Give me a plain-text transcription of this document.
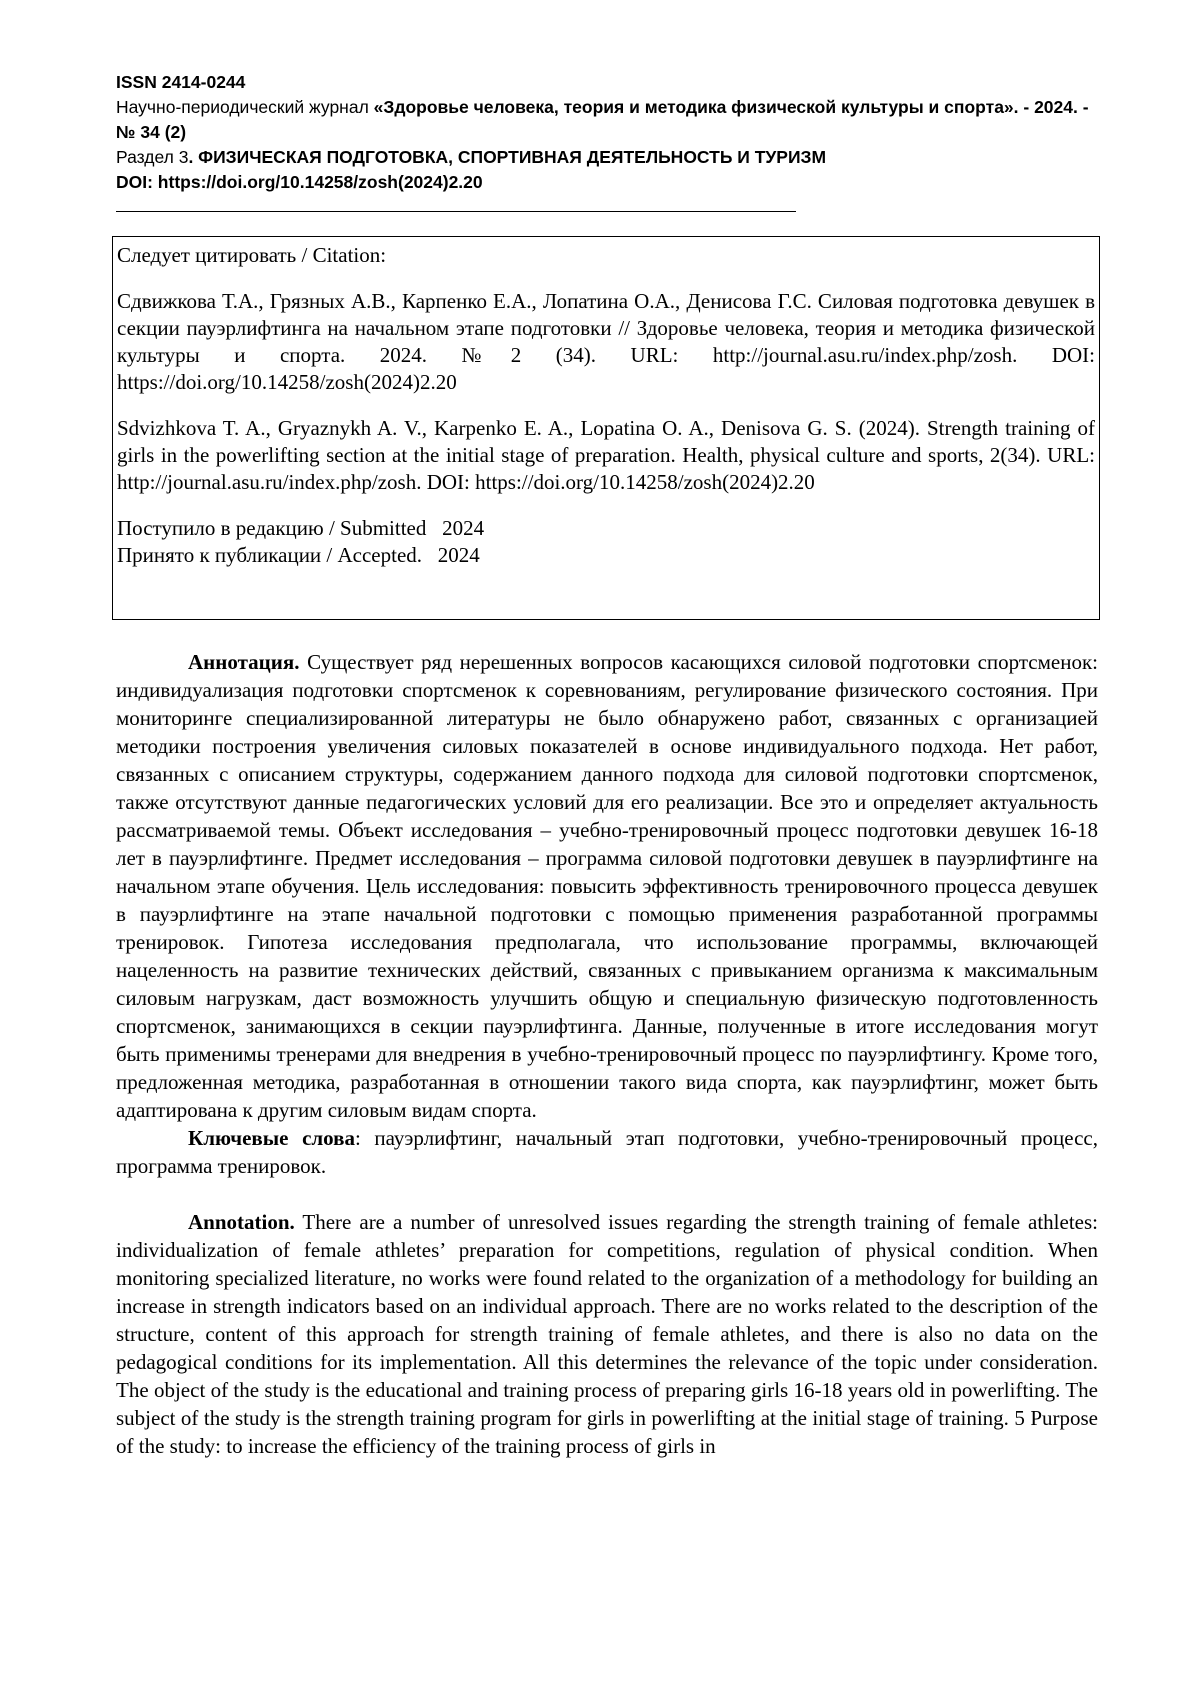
ISSN 2414-0244
Научно-периодический журнал «Здоровье человека, теория и методика физической культуры и спорта». - 2024. - № 34 (2)
Раздел 3. ФИЗИЧЕСКАЯ ПОДГОТОВКА, СПОРТИВНАЯ ДЕЯТЕЛЬНОСТЬ И ТУРИЗМ
DOI: https://doi.org/10.14258/zosh(2024)2.20

Следует цитировать / Citation:

Сдвижкова Т.А., Грязных А.В., Карпенко Е.А., Лопатина О.А., Денисова Г.С. Силовая подготовка девушек в секции пауэрлифтинга на начальном этапе подготовки // Здоровье человека, теория и методика физической культуры и спорта. 2024. №2 (34). URL: http://journal.asu.ru/index.php/zosh. DOI: https://doi.org/10.14258/zosh(2024)2.20

Sdvizhkova T. A., Gryaznykh A. V., Karpenko E. A., Lopatina O. A., Denisova G. S. (2024). Strength training of girls in the powerlifting section at the initial stage of preparation. Health, physical culture and sports, 2(34). URL: http://journal.asu.ru/index.php/zosh. DOI: https://doi.org/10.14258/zosh(2024)2.20

Поступило в редакцию / Submitted   2024

Принято к публикации / Accepted.   2024

Аннотация. Существует ряд нерешенных вопросов касающихся силовой подготовки спортсменок: индивидуализация подготовки спортсменок к соревнованиям, регулирование физического состояния. При мониторинге специализированной литературы не было обнаружено работ, связанных с организацией методики построения увеличения силовых показателей в основе индивидуального подхода. Нет работ, связанных с описанием структуры, содержанием данного подхода для силовой подготовки спортсменок, также отсутствуют данные педагогических условий для его реализации. Все это и определяет актуальность рассматриваемой темы. Объект исследования – учебно-тренировочный процесс подготовки девушек 16-18 лет в пауэрлифтинге. Предмет исследования – программа силовой подготовки девушек в пауэрлифтинге на начальном этапе обучения. Цель исследования: повысить эффективность тренировочного процесса девушек в пауэрлифтинге на этапе начальной подготовки с помощью применения разработанной программы тренировок. Гипотеза исследования предполагала, что использование программы, включающей нацеленность на развитие технических действий, связанных с привыканием организма к максимальным силовым нагрузкам, даст возможность улучшить общую и специальную физическую подготовленность спортсменок, занимающихся в секции пауэрлифтинга. Данные, полученные в итоге исследования могут быть применимы тренерами для внедрения в учебно-тренировочный процесс по пауэрлифтингу. Кроме того, предложенная методика, разработанная в отношении такого вида спорта, как пауэрлифтинг, может быть адаптирована к другим силовым видам спорта.

Ключевые слова: пауэрлифтинг, начальный этап подготовки, учебно-тренировочный процесс, программа тренировок.

Annotation. There are a number of unresolved issues regarding the strength training of female athletes: individualization of female athletes’ preparation for competitions, regulation of physical condition. When monitoring specialized literature, no works were found related to the organization of a methodology for building an increase in strength indicators based on an individual approach. There are no works related to the description of the structure, content of this approach for strength training of female athletes, and there is also no data on the pedagogical conditions for its implementation. All this determines the relevance of the topic under consideration. The object of the study is the educational and training process of preparing girls 16-18 years old in powerlifting. The subject of the study is the strength training program for girls in powerlifting at the initial stage of training. 5 Purpose of the study: to increase the efficiency of the training process of girls in
